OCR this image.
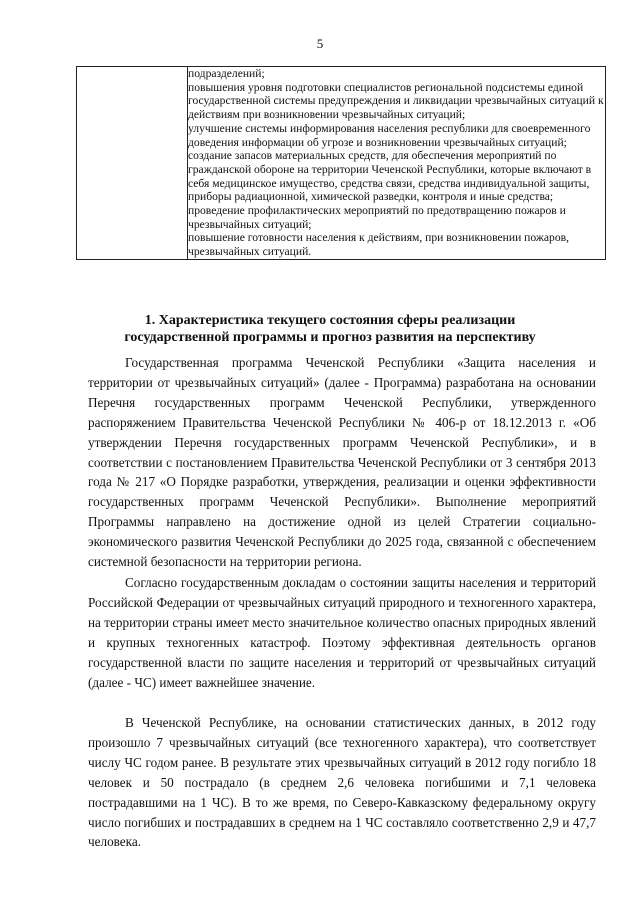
5

подразделений;
повышения уровня подготовки специалистов региональной подсистемы единой государственной системы предупреждения и ликвидации чрезвычайных ситуаций к действиям при возникновении чрезвычайных ситуаций;
улучшение системы информирования населения республики для своевременного доведения информации об угрозе и возникновении чрезвычайных ситуаций;
создание запасов материальных средств, для обеспечения мероприятий по гражданской обороне на территории Чеченской Республики, которые включают в себя медицинское имущество, средства связи, средства индивидуальной защиты, приборы радиационной, химической разведки, контроля и иные средства;
проведение профилактических мероприятий по предотвращению пожаров и чрезвычайных ситуаций;
повышение готовности населения к действиям, при возникновении пожаров, чрезвычайных ситуаций.
1. Характеристика текущего состояния сферы реализации
государственной программы и прогноз развития на перспективу

Государственная программа Чеченской Республики «Защита населения и территории от чрезвычайных ситуаций» (далее - Программа) разработана на основании Перечня государственных программ Чеченской Республики, утвержденного распоряжением Правительства Чеченской Республики № 406-р от 18.12.2013 г. «Об утверждении Перечня государственных программ Чеченской Республики», и в соответствии с постановлением Правительства Чеченской Республики от 3 сентября 2013 года № 217 «О Порядке разработки, утверждения, реализации и оценки эффективности государственных программ Чеченской Республики». Выполнение мероприятий Программы направлено на достижение одной из целей Стратегии социально-экономического развития Чеченской Республики до 2025 года, связанной с обеспечением системной безопасности на территории региона.

Согласно государственным докладам о состоянии защиты населения и территорий Российской Федерации от чрезвычайных ситуаций природного и техногенного характера, на территории страны имеет место значительное количество опасных природных явлений и крупных техногенных катастроф. Поэтому эффективная деятельность органов государственной власти по защите населения и территорий от чрезвычайных ситуаций (далее - ЧС) имеет важнейшее значение.

В Чеченской Республике, на основании статистических данных, в 2012 году произошло 7 чрезвычайных ситуаций (все техногенного характера), что соответствует числу ЧС годом ранее. В результате этих чрезвычайных ситуаций в 2012 году погибло 18 человек и 50 пострадало (в среднем 2,6 человека погибшими и 7,1 человека пострадавшими на 1 ЧС). В то же время, по Северо-Кавказскому федеральному округу число погибших и пострадавших в среднем на 1 ЧС составляло соответственно 2,9 и 47,7 человека.
